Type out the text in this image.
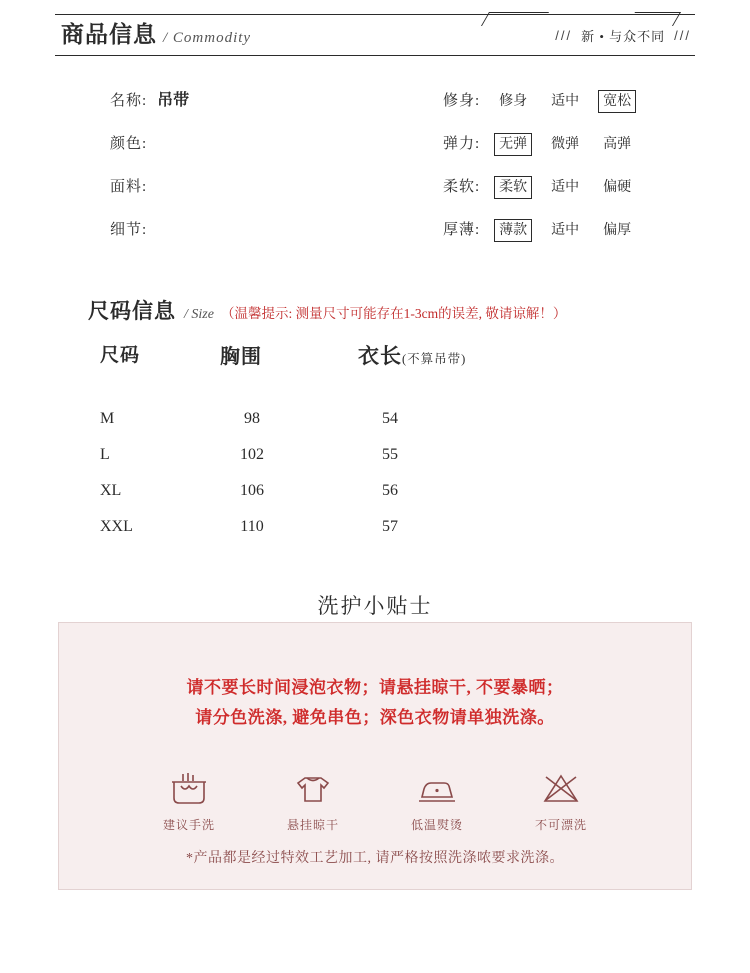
商品信息 / Commodity	/// 新 • 与众不同 ///
名称: 吊带
颜色:
面料:
细节:
修身:	修身	适中	宽松
弹力:	无弹	微弹	高弹
柔软:	柔软	适中	偏硬
厚薄:	薄款	适中	偏厚
尺码信息 / Size （温馨提示: 测量尺寸可能存在1-3cm的误差, 敬请谅解！）
尺码	胸围	衣长(不算吊带)
M	98	54
L	102	55
XL	106	56
XXL	110	57
洗护小贴士
请不要长时间浸泡衣物；请悬挂晾干, 不要暴晒；
请分色洗涤, 避免串色；深色衣物请单独洗涤。
建议手洗	悬挂晾干	低温熨烫	不可漂洗
*产品都是经过特效工艺加工, 请严格按照洗涤哝要求洗涤。
